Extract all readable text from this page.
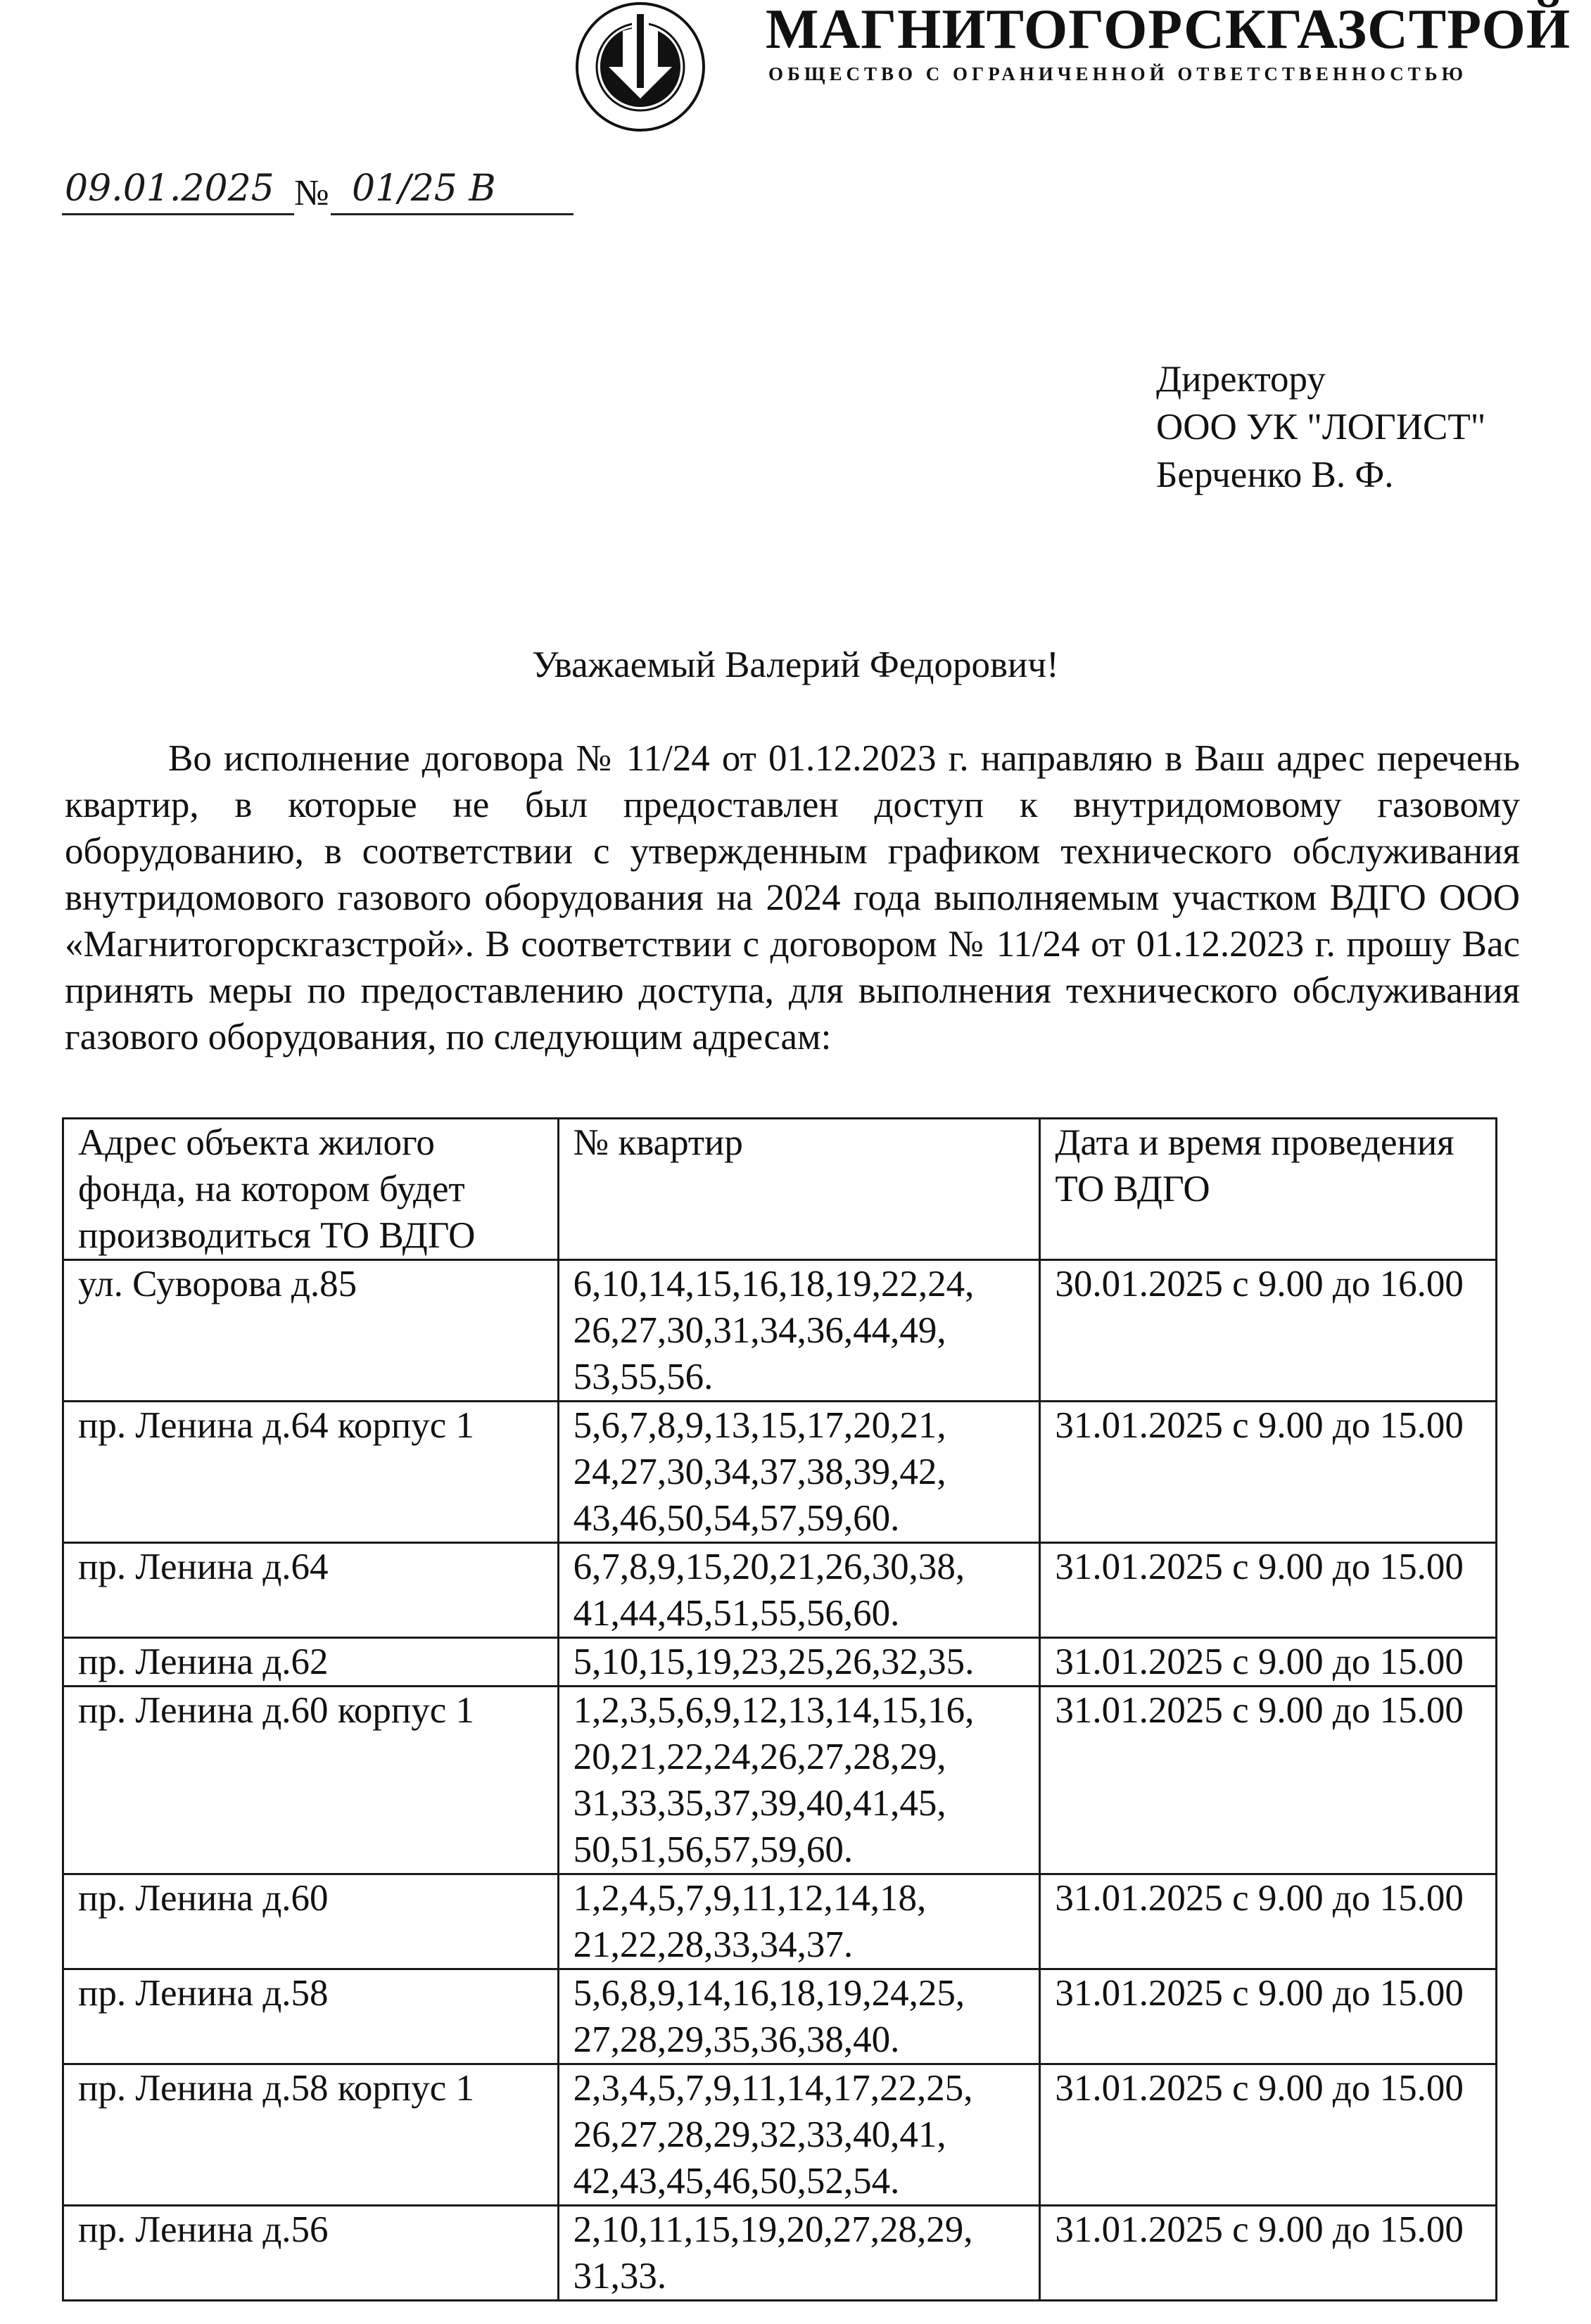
МАГНИТОГОРСКГАЗСТРОЙ
ОБЩЕСТВО С ОГРАНИЧЕННОЙ ОТВЕТСТВЕННОСТЬЮ
09.01.2025 № 01/25 В
Директору
ООО УК "ЛОГИСТ"
Берченко В. Ф.
Уважаемый Валерий Федорович!
Во исполнение договора № 11/24 от 01.12.2023 г. направляю в Ваш адрес перечень квартир, в которые не был предоставлен доступ к внутридомовому газовому оборудованию, в соответствии с утвержденным графиком технического обслуживания внутридомового газового оборудования на 2024 года выполняемым участком ВДГО ООО «Магнитогорскгазстрой». В соответствии с договором № 11/24 от 01.12.2023 г. прошу Вас принять меры по предоставлению доступа, для выполнения технического обслуживания газового оборудования, по следующим адресам:
Адрес объекта жилого фонда, на котором будет производиться ТО ВДГО	№ квартир	Дата и время проведения ТО ВДГО
ул. Суворова д.85	6,10,14,15,16,18,19,22,24, 26,27,30,31,34,36,44,49, 53,55,56.	30.01.2025 с 9.00 до 16.00
пр. Ленина д.64 корпус 1	5,6,7,8,9,13,15,17,20,21, 24,27,30,34,37,38,39,42, 43,46,50,54,57,59,60.	31.01.2025 с 9.00 до 15.00
пр. Ленина д.64	6,7,8,9,15,20,21,26,30,38, 41,44,45,51,55,56,60.	31.01.2025 с 9.00 до 15.00
пр. Ленина д.62	5,10,15,19,23,25,26,32,35.	31.01.2025 с 9.00 до 15.00
пр. Ленина д.60 корпус 1	1,2,3,5,6,9,12,13,14,15,16, 20,21,22,24,26,27,28,29, 31,33,35,37,39,40,41,45, 50,51,56,57,59,60.	31.01.2025 с 9.00 до 15.00
пр. Ленина д.60	1,2,4,5,7,9,11,12,14,18, 21,22,28,33,34,37.	31.01.2025 с 9.00 до 15.00
пр. Ленина д.58	5,6,8,9,14,16,18,19,24,25, 27,28,29,35,36,38,40.	31.01.2025 с 9.00 до 15.00
пр. Ленина д.58 корпус 1	2,3,4,5,7,9,11,14,17,22,25, 26,27,28,29,32,33,40,41, 42,43,45,46,50,52,54.	31.01.2025 с 9.00 до 15.00
пр. Ленина д.56	2,10,11,15,19,20,27,28,29, 31,33.	31.01.2025 с 9.00 до 15.00
